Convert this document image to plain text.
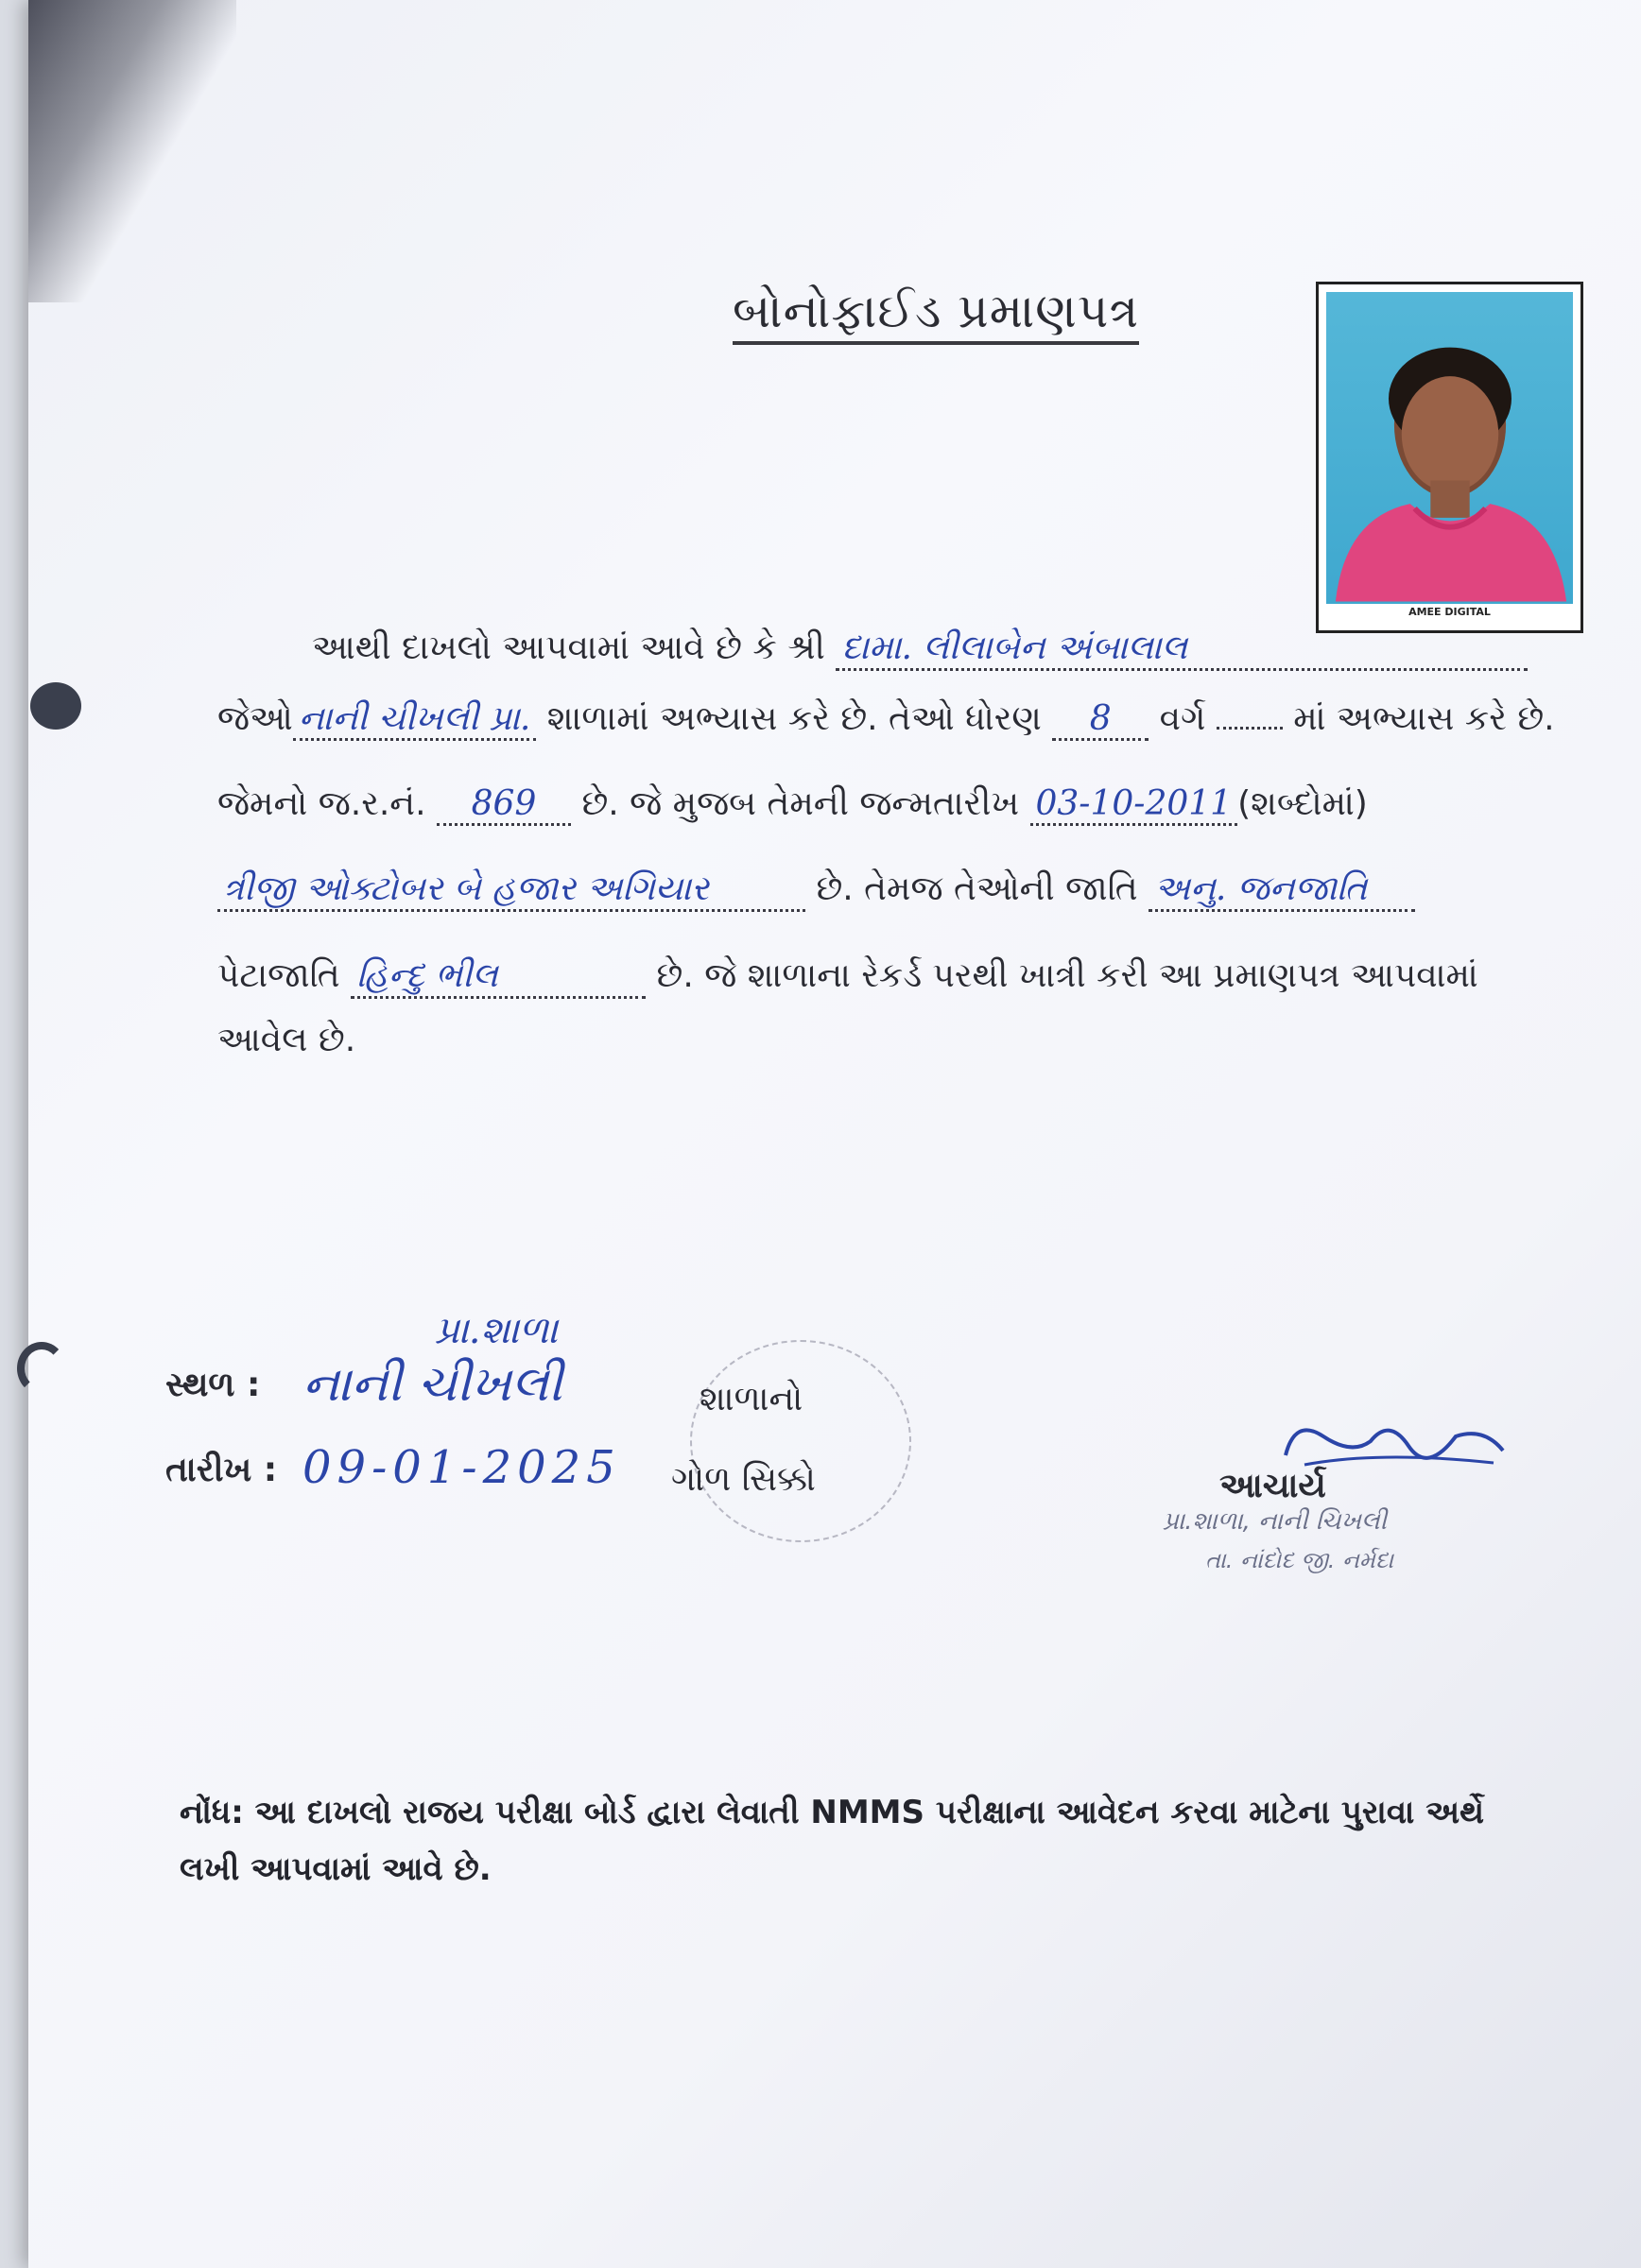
બોનોફાઈડ પ્રમાણપત્ર
AMEE DIGITAL
આથી દાખલો આપવામાં આવે છે કે શ્રી દામા. લીલાબેન અંબાલાલ
જેઓ નાની ચીખલી પ્રા. શાળામાં અભ્યાસ કરે છે. તેઓ ધોરણ 8 વર્ગ	માં અભ્યાસ કરે છે.
જેમનો જ.ર.નં. 869 છે. જે મુજબ તેમની જન્મતારીખ 03-10-2011 (શબ્દોમાં)
ત્રીજી ઓક્ટોબર બે હજાર અગિયાર	છે. તેમજ તેઓની જાતિ અનુ. જનજાતિ
પેટાજાતિ હિન્દુ ભીલ	છે. જે શાળાના રેકર્ડ પરથી ખાત્રી કરી આ પ્રમાણપત્ર આપવામાં
આવેલ છે.
પ્રા.શાળા
સ્થળ : નાની ચીખલી
તારીખ : 09-01-2025
શાળાનો
ગોળ સિક્કો	આચાર્ય
પ્રા.શાળા, નાની ચિખલી
તા. નાંદોદ જી. નર્મદા
નોંધ: આ દાખલો રાજય પરીક્ષા બોર્ડ દ્વારા લેવાતી NMMS પરીક્ષાના આવેદન કરવા માટેના પુરાવા અર્થે લખી આપવામાં આવે છે.
